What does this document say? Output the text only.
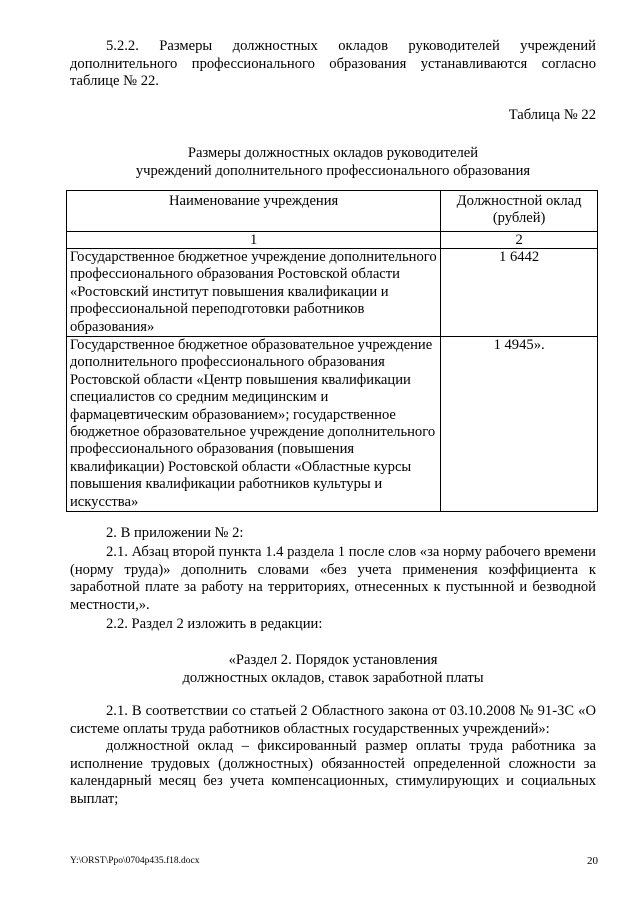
5.2.2. Размеры должностных окладов руководителей учреждений дополнительного профессионального образования устанавливаются согласно таблице № 22.
Таблица № 22
Размеры должностных окладов руководителей
учреждений дополнительного профессионального образования
Наименование учреждения	Должностной оклад (рублей)
1	2
Государственное бюджетное учреждение дополнительного профессионального образования Ростовской области «Ростовский институт повышения квалификации и профессиональной переподготовки работников образования»	1 6442
Государственное бюджетное образовательное учреждение дополнительного профессионального образования Ростовской области «Центр повышения квалификации специалистов со средним медицинским и фармацевтическим образованием»; государственное бюджетное образовательное учреждение дополнительного профессионального образования (повышения квалификации) Ростовской области «Областные курсы повышения квалификации работников культуры и искусства»	1 4945».
2. В приложении № 2:
2.1. Абзац второй пункта 1.4 раздела 1 после слов «за норму рабочего времени (норму труда)» дополнить словами «без учета применения коэффициента к заработной плате за работу на территориях, отнесенных к пустынной и безводной местности,».
2.2. Раздел 2 изложить в редакции:
«Раздел 2. Порядок установления
должностных окладов, ставок заработной платы
2.1. В соответствии со статьей 2 Областного закона от 03.10.2008 № 91-ЗС «О системе оплаты труда работников областных государственных учреждений»:
должностной оклад – фиксированный размер оплаты труда работника за исполнение трудовых (должностных) обязанностей определенной сложности за календарный месяц без учета компенсационных, стимулирующих и социальных выплат;
Y:\ORST\Ppo\0704p435.f18.docx	20
